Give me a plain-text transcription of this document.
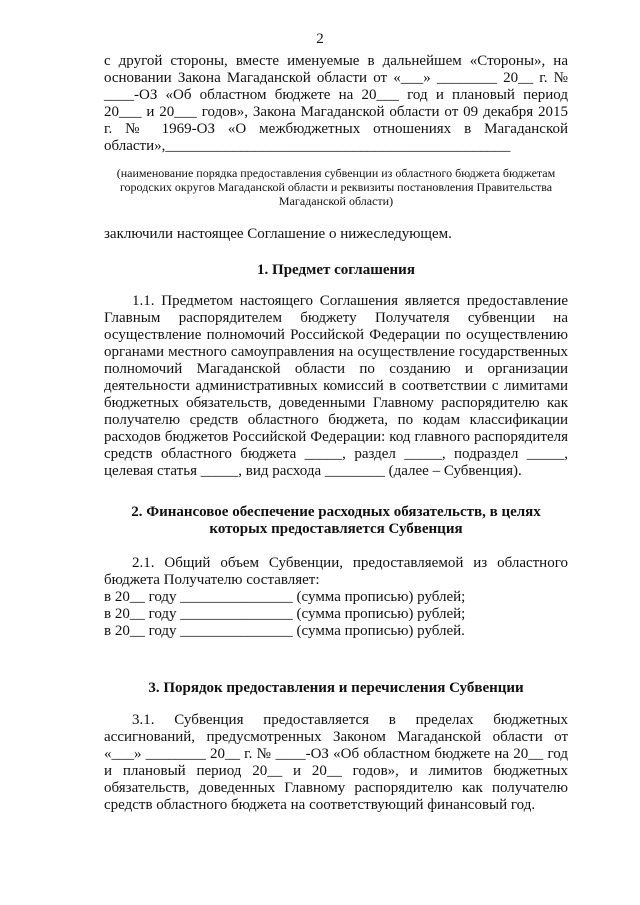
2

с другой стороны, вместе именуемые в дальнейшем «Стороны», на основании Закона Магаданской области от «___» ________ 20__ г. № ____-ОЗ «Об областном бюджете на 20___ год и плановый период 20___ и 20___ годов», Закона Магаданской области от 09 декабря 2015 г. № 1969-ОЗ «О межбюджетных отношениях в Магаданской области»,______________________________________________

(наименование порядка предоставления субвенции из областного бюджета бюджетам городских округов Магаданской области и реквизиты постановления Правительства Магаданской области)

заключили настоящее Соглашение о нижеследующем.

1. Предмет соглашения

1.1. Предметом настоящего Соглашения является предоставление Главным распорядителем бюджету Получателя субвенции на осуществление полномочий Российской Федерации по осуществлению органами местного самоуправления на осуществление государственных полномочий Магаданской области по созданию и организации деятельности административных комиссий в соответствии с лимитами бюджетных обязательств, доведенными Главному распорядителю как получателю средств областного бюджета, по кодам классификации расходов бюджетов Российской Федерации: код главного распорядителя средств областного бюджета _____, раздел _____, подраздел _____, целевая статья _____, вид расхода ________ (далее – Субвенция).

2. Финансовое обеспечение расходных обязательств, в целях
которых предоставляется Субвенция

2.1. Общий объем Субвенции, предоставляемой из областного бюджета Получателю составляет:

в 20__ году _______________ (сумма прописью) рублей;

в 20__ году _______________ (сумма прописью) рублей;

в 20__ году _______________ (сумма прописью) рублей.

3. Порядок предоставления и перечисления Субвенции

3.1. Субвенция предоставляется в пределах бюджетных ассигнований, предусмотренных Законом Магаданской области от «___» ________ 20__ г. № ____-ОЗ «Об областном бюджете на 20__ год и плановый период 20__ и 20__ годов», и лимитов бюджетных обязательств, доведенных Главному распорядителю как получателю средств областного бюджета на соответствующий финансовый год.
